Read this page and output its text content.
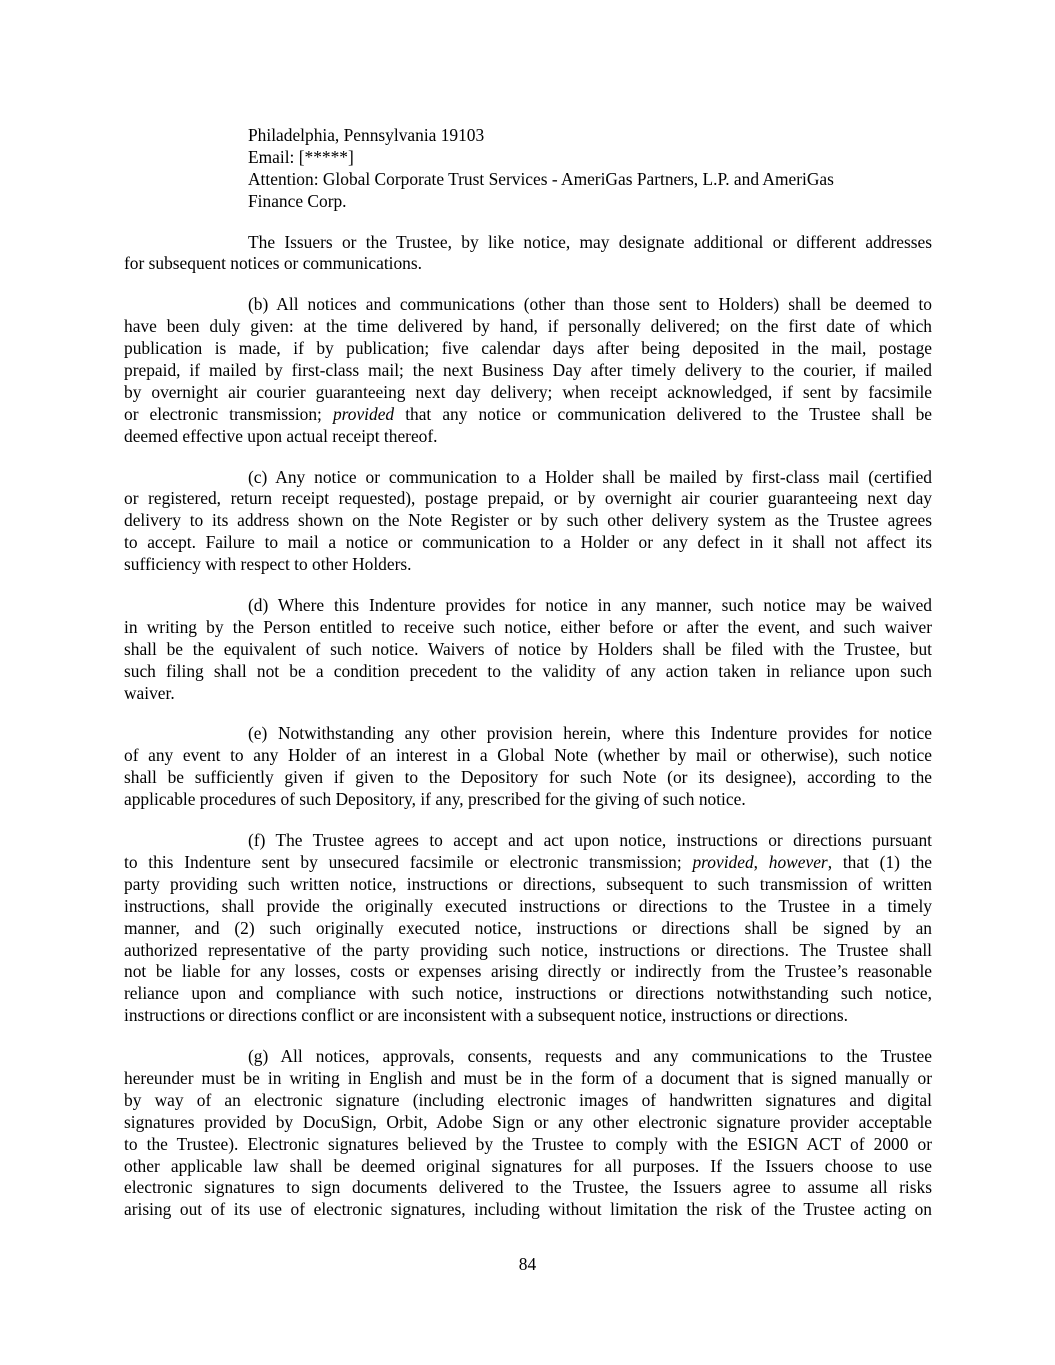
Philadelphia, Pennsylvania 19103
Email: [*****]
Attention: Global Corporate Trust Services - AmeriGas Partners, L.P. and AmeriGas
Finance Corp.
The Issuers or the Trustee, by like notice, may designate additional or different addresses
for subsequent notices or communications.
(b) All notices and communications (other than those sent to Holders) shall be deemed to
have been duly given: at the time delivered by hand, if personally delivered; on the first date of which
publication is made, if by publication; five calendar days after being deposited in the mail, postage
prepaid, if mailed by first-class mail; the next Business Day after timely delivery to the courier, if mailed
by overnight air courier guaranteeing next day delivery; when receipt acknowledged, if sent by facsimile
or electronic transmission; provided that any notice or communication delivered to the Trustee shall be
deemed effective upon actual receipt thereof.
(c) Any notice or communication to a Holder shall be mailed by first-class mail (certified
or registered, return receipt requested), postage prepaid, or by overnight air courier guaranteeing next day
delivery to its address shown on the Note Register or by such other delivery system as the Trustee agrees
to accept. Failure to mail a notice or communication to a Holder or any defect in it shall not affect its
sufficiency with respect to other Holders.
(d) Where this Indenture provides for notice in any manner, such notice may be waived
in writing by the Person entitled to receive such notice, either before or after the event, and such waiver
shall be the equivalent of such notice. Waivers of notice by Holders shall be filed with the Trustee, but
such filing shall not be a condition precedent to the validity of any action taken in reliance upon such
waiver.
(e) Notwithstanding any other provision herein, where this Indenture provides for notice
of any event to any Holder of an interest in a Global Note (whether by mail or otherwise), such notice
shall be sufficiently given if given to the Depository for such Note (or its designee), according to the
applicable procedures of such Depository, if any, prescribed for the giving of such notice.
(f) The Trustee agrees to accept and act upon notice, instructions or directions pursuant
to this Indenture sent by unsecured facsimile or electronic transmission; provided, however, that (1) the
party providing such written notice, instructions or directions, subsequent to such transmission of written
instructions, shall provide the originally executed instructions or directions to the Trustee in a timely
manner, and (2) such originally executed notice, instructions or directions shall be signed by an
authorized representative of the party providing such notice, instructions or directions. The Trustee shall
not be liable for any losses, costs or expenses arising directly or indirectly from the Trustee’s reasonable
reliance upon and compliance with such notice, instructions or directions notwithstanding such notice,
instructions or directions conflict or are inconsistent with a subsequent notice, instructions or directions.
(g) All notices, approvals, consents, requests and any communications to the Trustee
hereunder must be in writing in English and must be in the form of a document that is signed manually or
by way of an electronic signature (including electronic images of handwritten signatures and digital
signatures provided by DocuSign, Orbit, Adobe Sign or any other electronic signature provider acceptable
to the Trustee). Electronic signatures believed by the Trustee to comply with the ESIGN ACT of 2000 or
other applicable law shall be deemed original signatures for all purposes. If the Issuers choose to use
electronic signatures to sign documents delivered to the Trustee, the Issuers agree to assume all risks
arising out of its use of electronic signatures, including without limitation the risk of the Trustee acting on
84
